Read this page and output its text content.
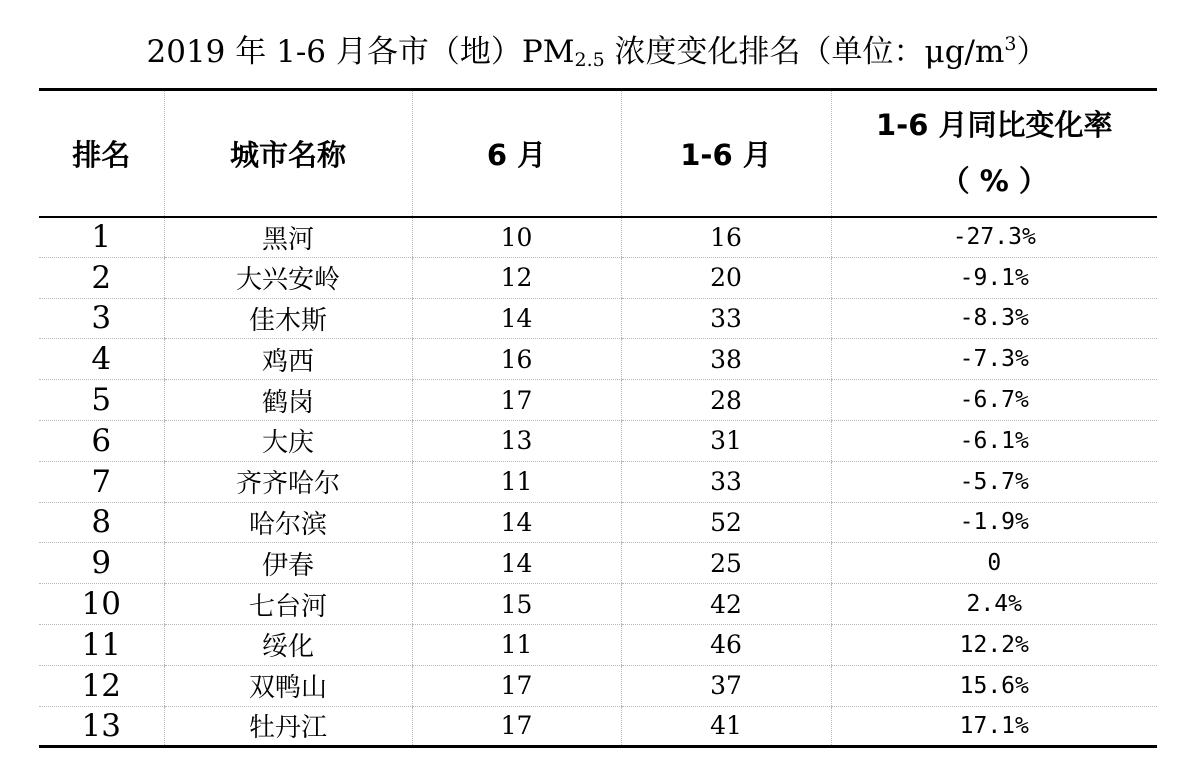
2019 年 1-6 月各市（地）$PM_{2.5}$ 浓度变化排名（单位：$\mu g/m^3$）
排名	城市名称	6 月	1-6 月	1-6 月同比变化率
（ % ）

1	黑河	10	16	-27.3%
2	大兴安岭	12	20	-9.1%
3	佳木斯	14	33	-8.3%
4	鸡西	16	38	-7.3%
5	鹤岗	17	28	-6.7%
6	大庆	13	31	-6.1%
7	齐齐哈尔	11	33	-5.7%
8	哈尔滨	14	52	-1.9%
9	伊春	14	25	0
10	七台河	15	42	2.4%
11	绥化	11	46	12.2%
12	双鸭山	17	37	15.6%
13	牡丹江	17	41	17.1%
